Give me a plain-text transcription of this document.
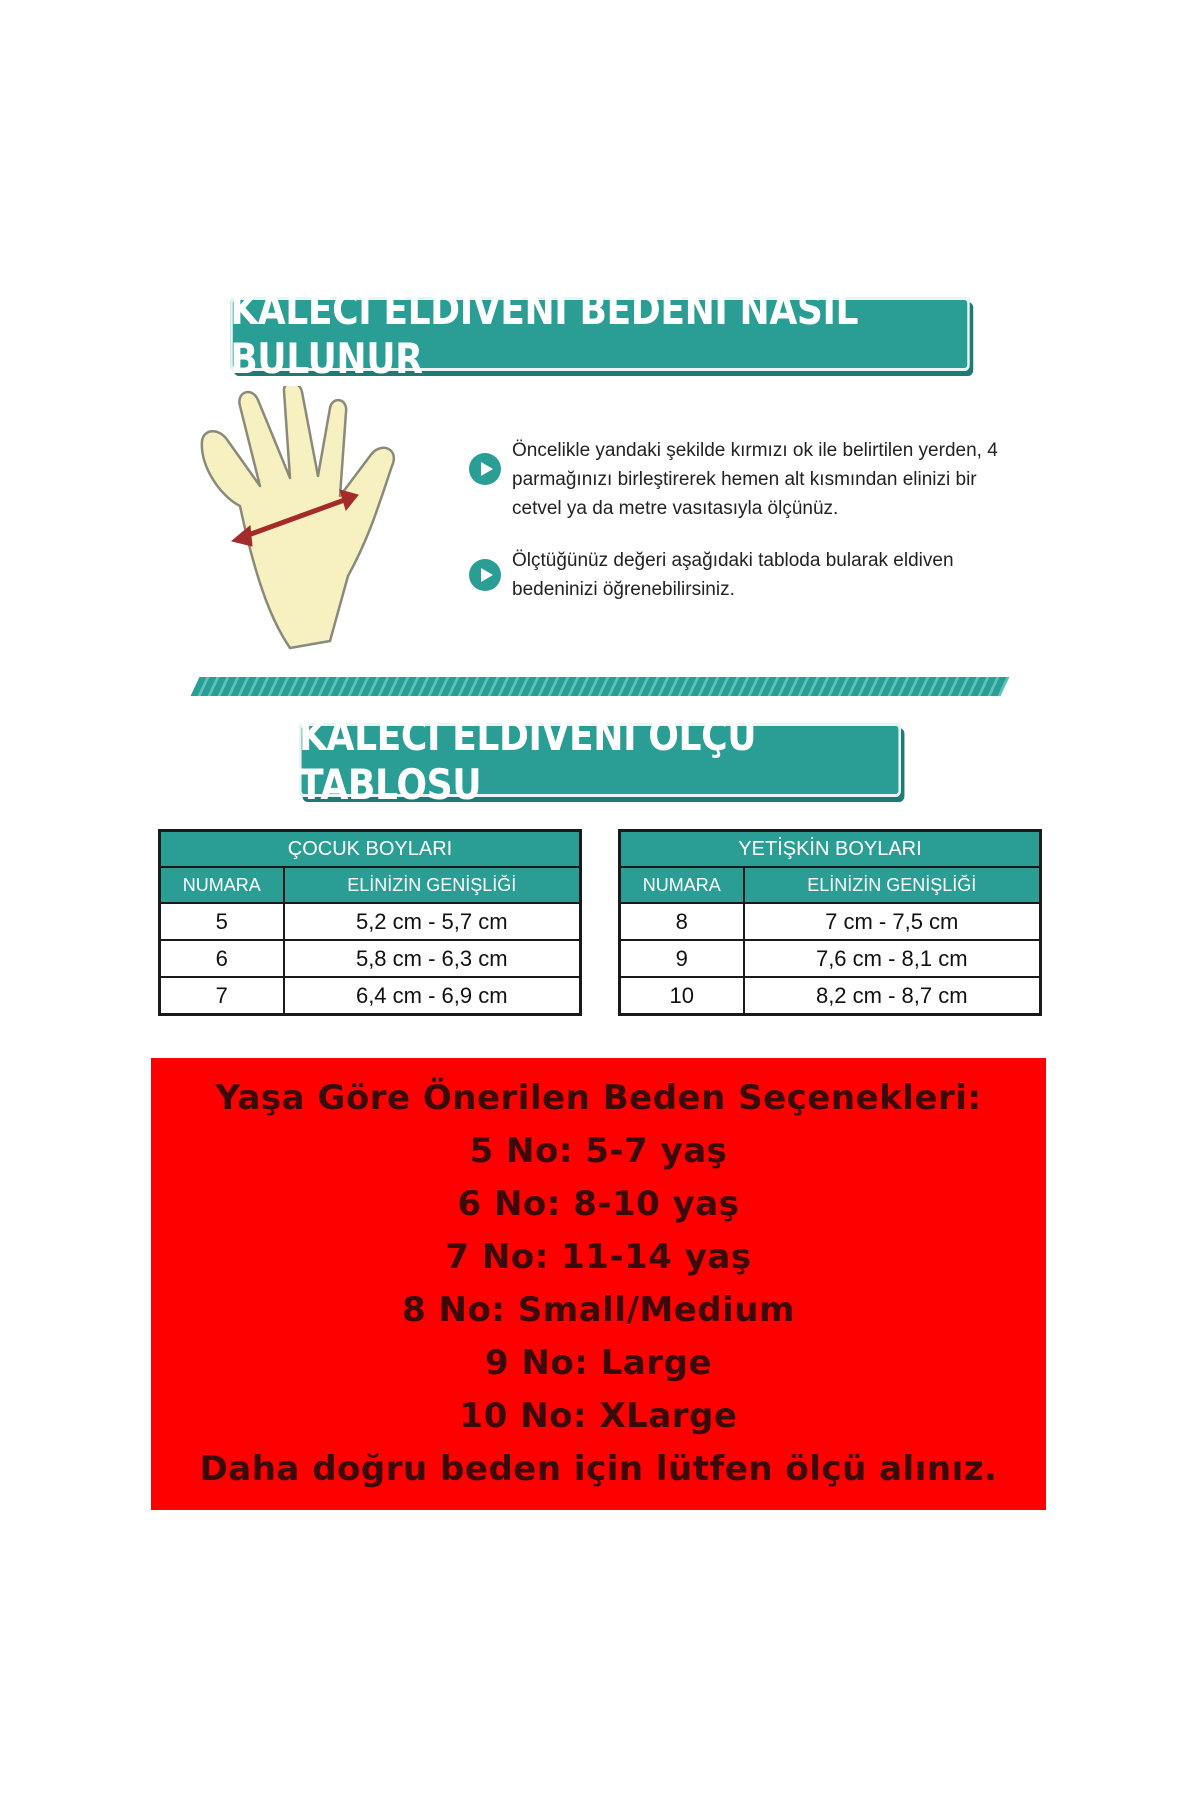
KALECİ ELDİVENİ BEDENİ NASIL BULUNUR
Öncelikle yandaki şekilde kırmızı ok ile belirtilen yerden, 4 parmağınızı birleştirerek hemen alt kısmından elinizi bir cetvel ya da metre vasıtasıyla ölçünüz.
Ölçtüğünüz değeri aşağıdaki tabloda bularak eldiven bedeninizi öğrenebilirsiniz.
KALECİ ELDİVENİ ÖLÇÜ TABLOSU
ÇOCUK BOYLARI	
NUMARA	ELİNİZİN GENİŞLİĞİ
5	5,2 cm - 5,7 cm
6	5,8 cm - 6,3 cm
7	6,4 cm - 6,9 cm
YETİŞKİN BOYLARI	
NUMARA	ELİNİZİN GENİŞLİĞİ
8	7 cm - 7,5 cm
9	7,6 cm - 8,1 cm
10	8,2 cm - 8,7 cm
Yaşa Göre Önerilen Beden Seçenekleri:
5 No: 5-7 yaş
6 No: 8-10 yaş
7 No: 11-14 yaş
8 No: Small/Medium
9 No: Large
10 No: XLarge
Daha doğru beden için lütfen ölçü alınız.
